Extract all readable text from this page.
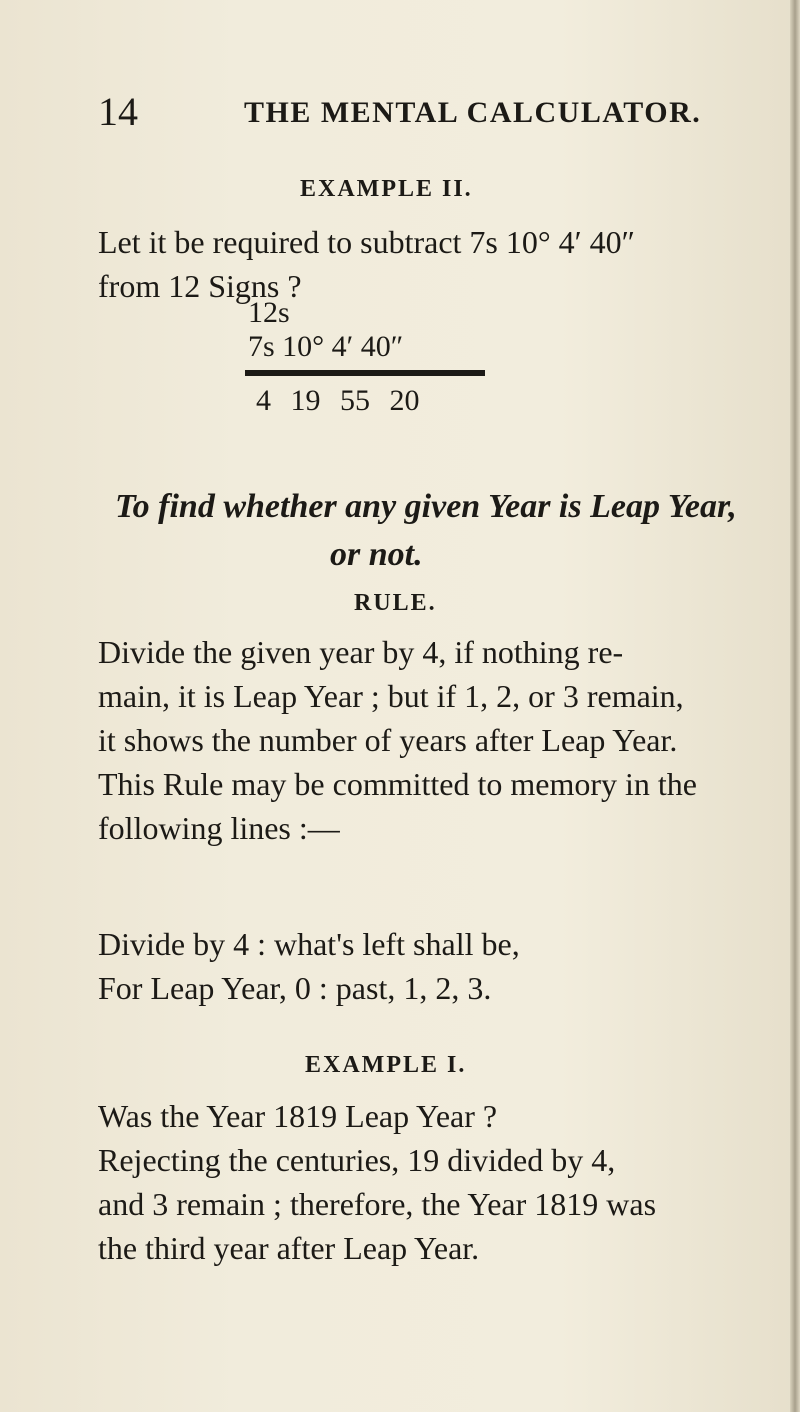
14	THE MENTAL CALCULATOR.
EXAMPLE II.
Let it be required to subtract 7s 10° 4′ 40″
from 12 Signs ?
12s
7s 10° 4′ 40″
4 19 55 20
To find whether any given Year is Leap Year,
or not.
RULE.

Divide the given year by 4, if nothing re-

main, it is Leap Year ; but if 1, 2, or 3 remain,

it shows the number of years after Leap Year.

This Rule may be committed to memory in the

following lines :—

Divide by 4 : what's left shall be,
For Leap Year, 0 : past, 1, 2, 3.
EXAMPLE I.

Was the Year 1819 Leap Year ?

Rejecting the centuries, 19 divided by 4,

and 3 remain ; therefore, the Year 1819 was

the third year after Leap Year.
